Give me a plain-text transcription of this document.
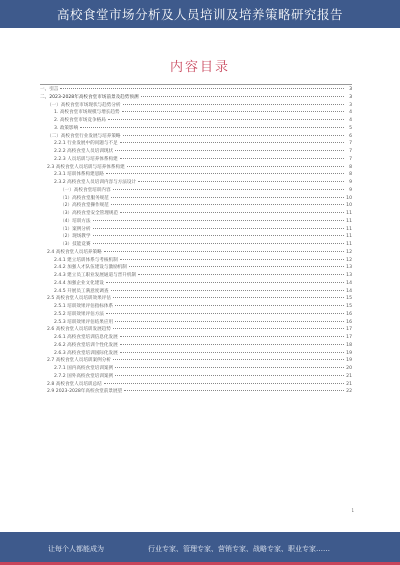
高校食堂市场分析及人员培训及培养策略研究报告
内容目录
一、引言	3
二、2023-2028年高校食堂市场前景及趋势预测	3
（一）高校食堂市场现状与趋势分析	3
1. 高校食堂市场规模与增长趋势	4
2. 高校食堂市场竞争格局	4
3. 政策影响	5
（二）高校食堂行业发展与培养策略	6
2.2.1 行业发展中的问题与不足	7
2.2.2 高校食堂人员培训现状	7
2.2.3 人员培训与培养体系构建	7
2.3 高校食堂人员培训与培养体系构建	8
2.3.1 培训体系构建思路	8
2.3.2 高校食堂人员培训内容与方法设计	9
（一）高校食堂培训内容	9
（1）高校食堂服务规范	10
（2）高校食堂操作规范	10
（3）高校食堂安全管理规范	11
（4）培训方法	11
（1）案例分析	11
（2）现场教学	11
（3）技能竞赛	11
2.4 高校食堂人员培养策略	12
2.4.1 建立培训体系与考核机制	12
2.4.2 加强人才队伍建设与激励机制	13
2.4.3 建立员工职业发展通道与晋升机制	13
2.4.4 加强企业文化建设	14
2.4.5 开展员工满意度调查	14
2.5 高校食堂人员培训效果评估	15
2.5.1 培训效果评估指标体系	15
2.5.2 培训效果评估方法	16
2.5.3 培训效果评估结果应用	16
2.6 高校食堂人员培训发展趋势	17
2.6.1 高校食堂培训信息化发展	17
2.6.2 高校食堂培训个性化发展	18
2.6.3 高校食堂培训国际化发展	19
2.7 高校食堂人员培训案例分析	19
2.7.1 国内高校食堂培训案例	20
2.7.2 国外高校食堂培训案例	21
2.8 高校食堂人员培训总结	21
2.9 2023-2028年高校食堂前景展望	22
1
让每个人都能成为	行业专家、管理专家、营销专家、战略专家、职业专家……
